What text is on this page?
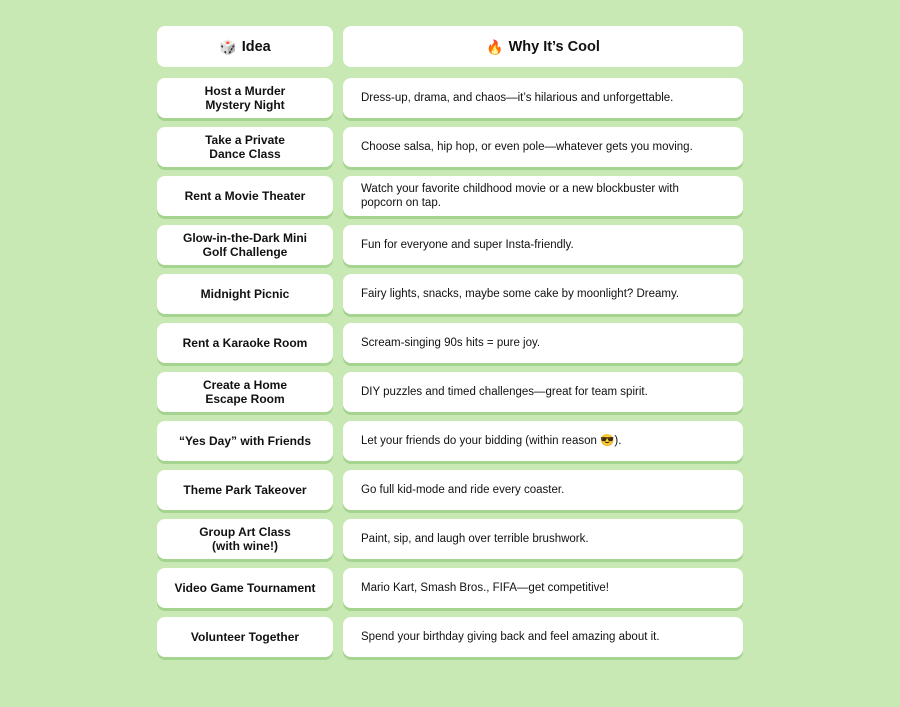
🎲 Idea	🔥 Why It’s Cool
Host a Murder
Mystery Night	Dress-up, drama, and chaos—it’s hilarious and unforgettable.
Take a Private
Dance Class	Choose salsa, hip hop, or even pole—whatever gets you moving.
Rent a Movie Theater	Watch your favorite childhood movie or a new blockbuster with
popcorn on tap.
Glow-in-the-Dark Mini
Golf Challenge	Fun for everyone and super Insta-friendly.
Midnight Picnic	Fairy lights, snacks, maybe some cake by moonlight? Dreamy.
Rent a Karaoke Room	Scream-singing 90s hits = pure joy.
Create a Home
Escape Room	DIY puzzles and timed challenges—great for team spirit.
“Yes Day” with Friends	Let your friends do your bidding (within reason 😎).
Theme Park Takeover	Go full kid-mode and ride every coaster.
Group Art Class
(with wine!)	Paint, sip, and laugh over terrible brushwork.
Video Game Tournament	Mario Kart, Smash Bros., FIFA—get competitive!
Volunteer Together	Spend your birthday giving back and feel amazing about it.
